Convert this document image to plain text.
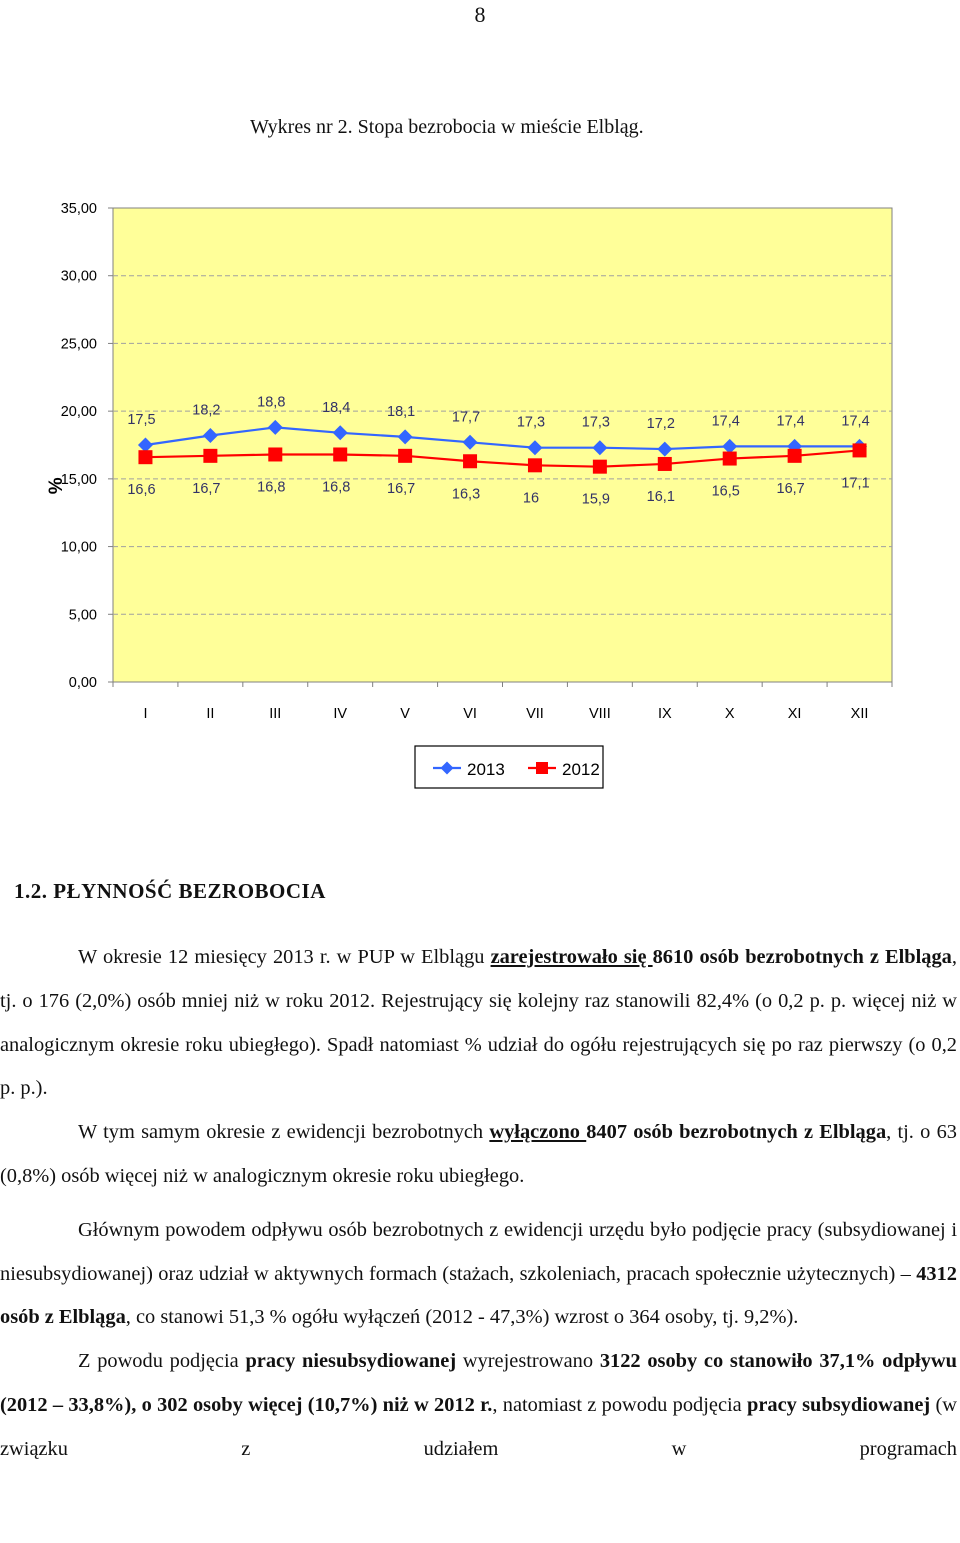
8
Wykres nr 2. Stopa bezrobocia w mieście Elbląg.
0,00
5,00
10,00
15,00
20,00
25,00
30,00
35,00
I	II	III	IV	V	VI	VII	VIII	IX	X	XI	XII
%
17,5
18,2
18,8	18,4	18,1	17,7	17,3	17,3	17,2	17,4	17,4	17,4
16,6	16,7	16,8	16,8	16,7	16,3	16	15,9	16,1	16,5	16,7	17,1
2013	2012
1.2. PŁYNNOŚĆ BEZROBOCIA

W okresie 12 miesięcy 2013 r. w PUP w Elblągu zarejestrowało się 8610 osób bezrobotnych z Elbląga, tj. o 176 (2,0%) osób mniej niż w roku 2012. Rejestrujący się kolejny raz stanowili 82,4% (o 0,2 p. p. więcej niż w analogicznym okresie roku ubiegłego). Spadł natomiast % udział do ogółu rejestrujących się po raz pierwszy (o 0,2 p. p.).

W tym samym okresie z ewidencji bezrobotnych wyłączono 8407 osób bezrobotnych z Elbląga, tj. o 63 (0,8%) osób więcej niż w analogicznym okresie roku ubiegłego.

Głównym powodem odpływu osób bezrobotnych z ewidencji urzędu było podjęcie pracy (subsydiowanej i niesubsydiowanej) oraz udział w aktywnych formach (stażach, szkoleniach, pracach społecznie użytecznych) – 4312 osób z Elbląga, co stanowi 51,3 % ogółu wyłączeń (2012 - 47,3%) wzrost o 364 osoby, tj. 9,2%).

Z powodu podjęcia pracy niesubsydiowanej wyrejestrowano 3122 osoby co stanowiło 37,1% odpływu (2012 – 33,8%), o 302 osoby więcej (10,7%) niż w 2012 r., natomiast z powodu podjęcia pracy subsydiowanej (w związku z udziałem w programach
